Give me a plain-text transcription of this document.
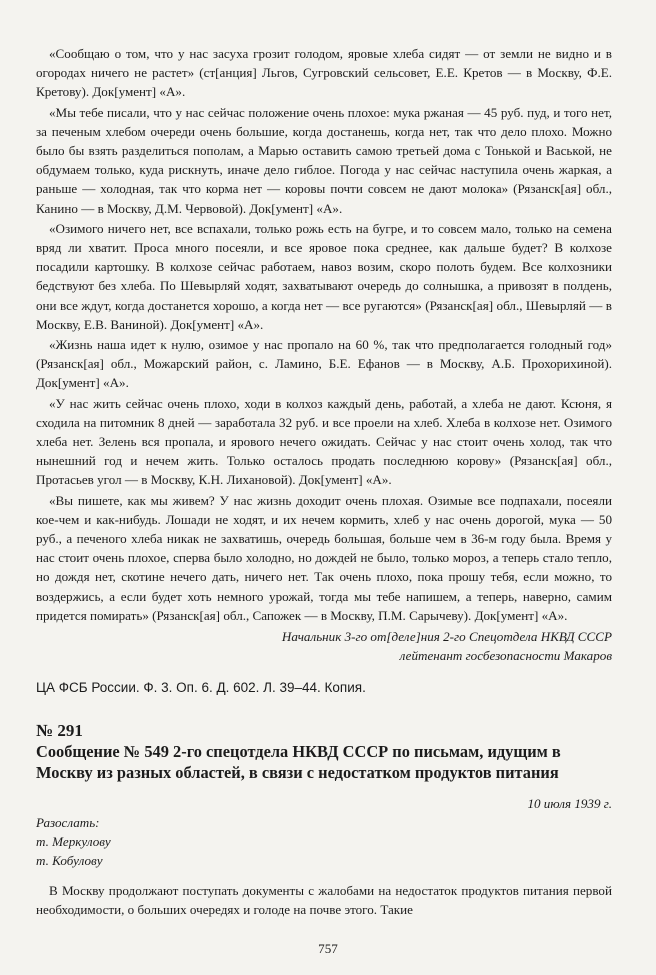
«Сообщаю о том, что у нас засуха грозит голодом, яровые хлеба сидят — от земли не видно и в огородах ничего не растет» (ст[анция] Льгов, Сугровский сельсовет, Е.Е. Кретов — в Москву, Ф.Е. Кретову). Док[умент] «А».

«Мы тебе писали, что у нас сейчас положение очень плохое: мука ржаная — 45 руб. пуд, и того нет, за печеным хлебом очереди очень большие, когда достанешь, когда нет, так что дело плохо. Можно было бы взять разделиться пополам, а Марью оставить самою третьей дома с Тонькой и Васькой, не обдумаем только, куда рискнуть, иначе дело гиблое. Погода у нас сейчас наступила очень жаркая, а раньше — холодная, так что корма нет — коровы почти совсем не дают молока» (Рязанск[ая] обл., Канино — в Москву, Д.М. Червовой). Док[умент] «А».

«Озимого ничего нет, все вспахали, только рожь есть на бугре, и то совсем мало, только на семена вряд ли хватит. Проса много посеяли, и все яровое пока среднее, как дальше будет? В колхозе посадили картошку. В колхозе сейчас работаем, навоз возим, скоро полоть будем. Все колхозники бедствуют без хлеба. По Шевырляй ходят, захватывают очередь до солнышка, а привозят в полдень, они все ждут, когда достанется хорошо, а когда нет — все ругаются» (Рязанск[ая] обл., Шевырляй — в Москву, Е.В. Ваниной). Док[умент] «А».

«Жизнь наша идет к нулю, озимое у нас пропало на 60 %, так что предполагается голодный год» (Рязанск[ая] обл., Можарский район, с. Ламино, Б.Е. Ефанов — в Москву, А.Б. Прохорихиной). Док[умент] «А».

«У нас жить сейчас очень плохо, ходи в колхоз каждый день, работай, а хлеба не дают. Ксюня, я сходила на питомник 8 дней — заработала 32 руб. и все проели на хлеб. Хлеба в колхозе нет. Озимого хлеба нет. Зелень вся пропала, и ярового нечего ожидать. Сейчас у нас стоит очень холод, так что нынешний год и нечем жить. Только осталось продать последнюю корову» (Рязанск[ая] обл., Протасьев угол — в Москву, К.Н. Лихановой). Док[умент] «А».

«Вы пишете, как мы живем? У нас жизнь доходит очень плохая. Озимые все подпахали, посеяли кое-чем и как-нибудь. Лошади не ходят, и их нечем кормить, хлеб у нас очень дорогой, мука — 50 руб., а печеного хлеба никак не захватишь, очередь большая, больше чем в 36-м году была. Время у нас стоит очень плохое, сперва было холодно, но дождей не было, только мороз, а теперь стало тепло, но дождя нет, скотине нечего дать, ничего нет. Так очень плохо, пока прошу тебя, если можно, то воздержись, а если будет хоть немного урожай, тогда мы тебе напишем, а теперь, наверно, самим придется помирать» (Рязанск[ая] обл., Сапожек — в Москву, П.М. Сарычеву). Док[умент] «А».

Начальник 3-го от[деле]ния 2-го Спецотдела НКВД СССР

лейтенант госбезопасности Макаров

ЦА ФСБ России. Ф. 3. Оп. 6. Д. 602. Л. 39–44. Копия.

№ 291

Сообщение № 549 2-го спецотдела НКВД СССР по письмам, идущим в Москву из разных областей, в связи с недостатком продуктов питания

10 июля 1939 г.

Разослать:

т. Меркулову

т. Кобулову

В Москву продолжают поступать документы с жалобами на недостаток продуктов питания первой необходимости, о больших очередях и голоде на почве этого. Такие

757
